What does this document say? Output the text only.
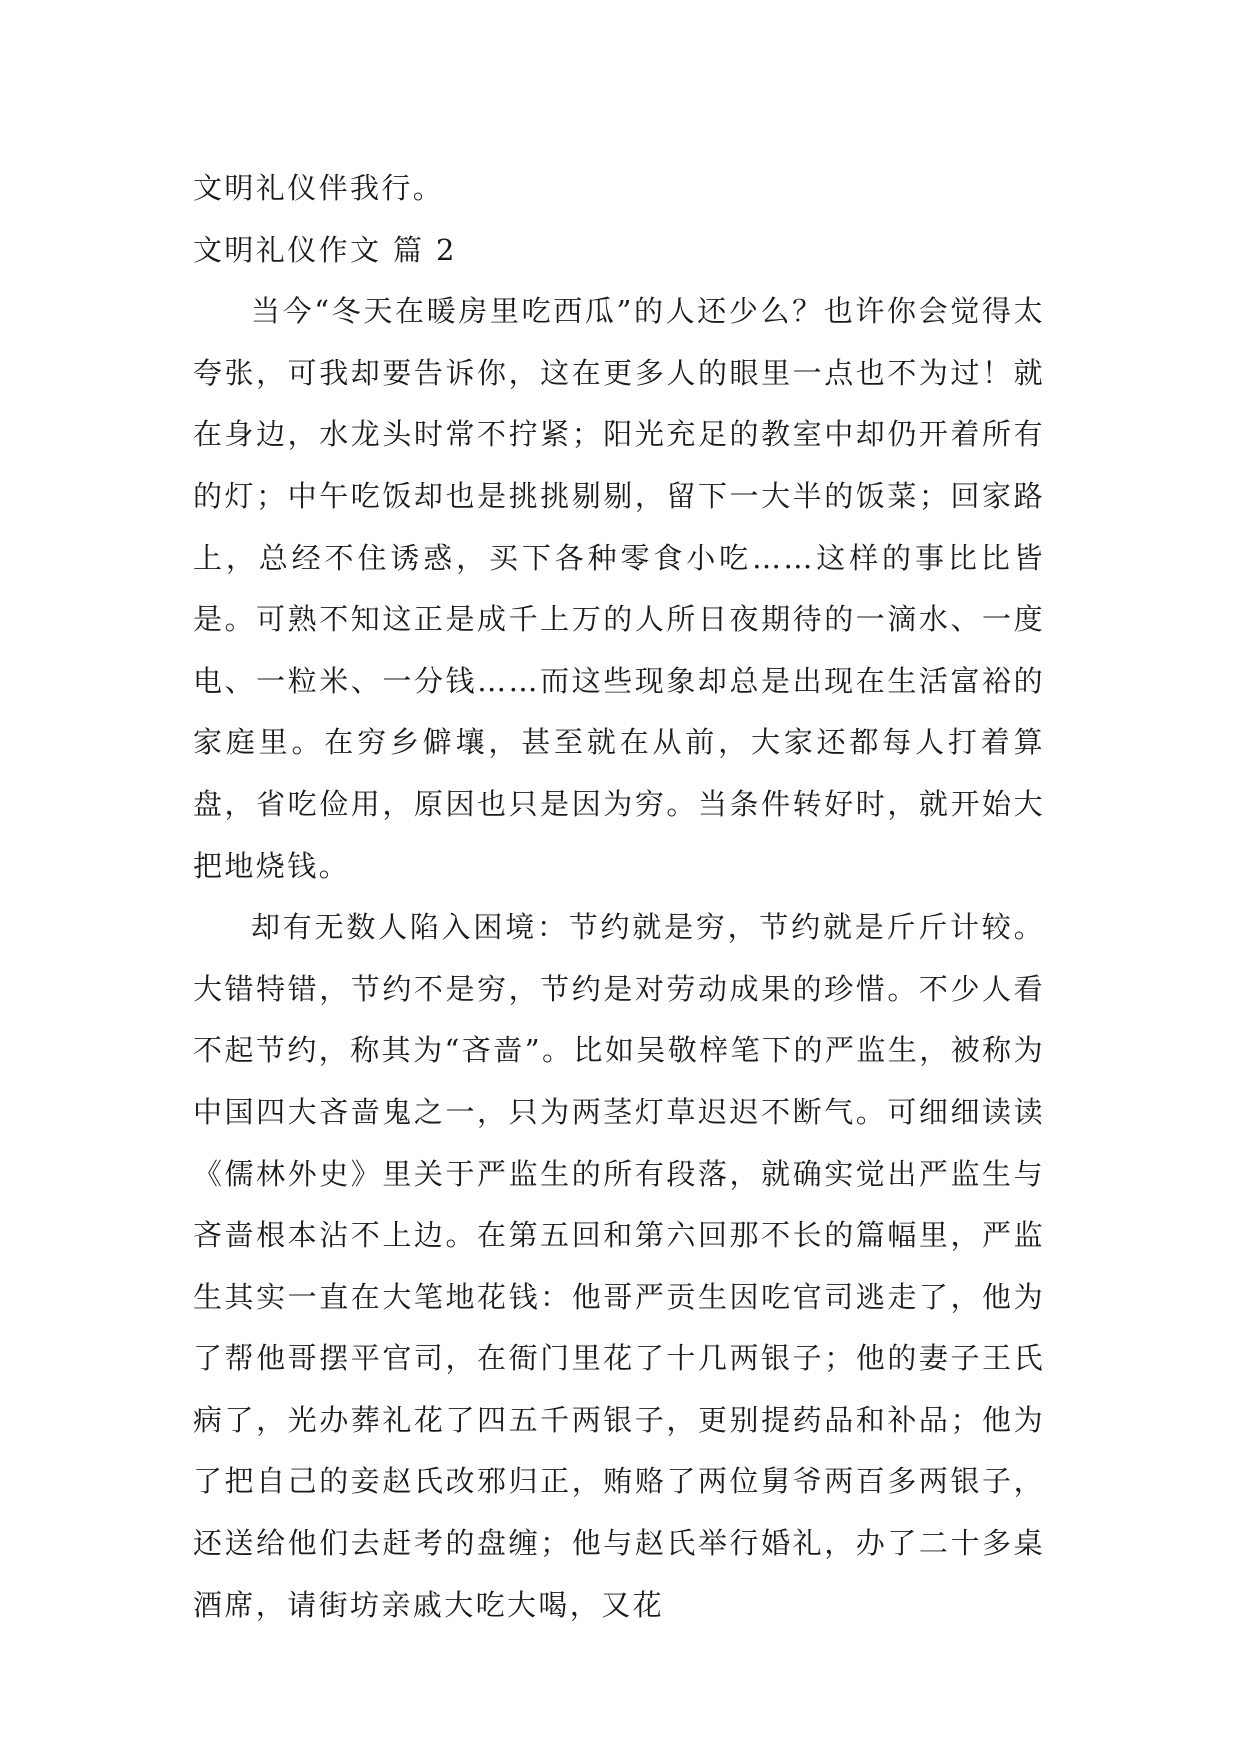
文明礼仪伴我行。

文明礼仪作文 篇 2

当今“冬天在暖房里吃西瓜”的人还少么？也许你会觉得太夸张，可我却要告诉你，这在更多人的眼里一点也不为过！就在身边，水龙头时常不拧紧；阳光充足的教室中却仍开着所有的灯；中午吃饭却也是挑挑剔剔，留下一大半的饭菜；回家路上，总经不住诱惑，买下各种零食小吃……这样的事比比皆是。可熟不知这正是成千上万的人所日夜期待的一滴水、一度电、一粒米、一分钱……而这些现象却总是出现在生活富裕的家庭里。在穷乡僻壤，甚至就在从前，大家还都每人打着算盘，省吃俭用，原因也只是因为穷。当条件转好时，就开始大把地烧钱。

却有无数人陷入困境：节约就是穷，节约就是斤斤计较。大错特错，节约不是穷，节约是对劳动成果的珍惜。不少人看不起节约，称其为“吝啬”。比如吴敬梓笔下的严监生，被称为中国四大吝啬鬼之一，只为两茎灯草迟迟不断气。可细细读读《儒林外史》里关于严监生的所有段落，就确实觉出严监生与吝啬根本沾不上边。在第五回和第六回那不长的篇幅里，严监生其实一直在大笔地花钱：他哥严贡生因吃官司逃走了，他为了帮他哥摆平官司，在衙门里花了十几两银子；他的妻子王氏病了，光办葬礼花了四五千两银子，更别提药品和补品；他为了把自己的妾赵氏改邪归正，贿赂了两位舅爷两百多两银子，还送给他们去赶考的盘缠；他与赵氏举行婚礼，办了二十多桌酒席，请街坊亲戚大吃大喝，又花
